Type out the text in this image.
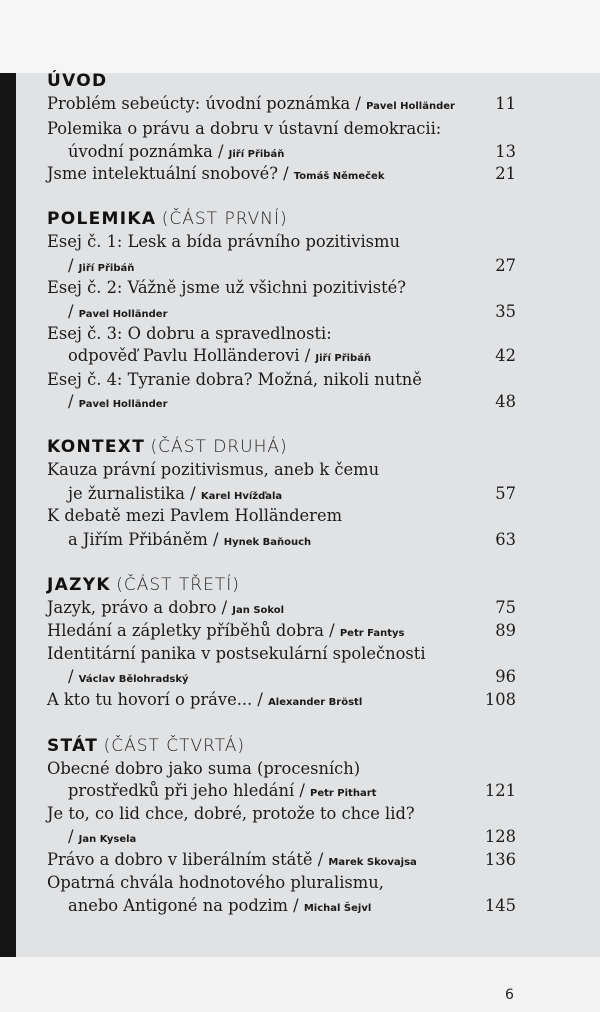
ÚVOD
Problém sebeúcty: úvodní poznámka / Pavel Holländer 11
Polemika o právu a dobru v ústavní demokracii:
úvodní poznámka / Jiří Přibáň	13
Jsme intelektuální snobové? / Tomáš Němeček	21
POLEMIKA (ČÁST PRVNÍ)
Esej č. 1: Lesk a bída právního pozitivismu
/ Jiří Přibáň	27
Esej č. 2: Vážně jsme už všichni pozitivisté?
/ Pavel Holländer	35
Esej č. 3: O dobru a spravedlnosti:
odpověď Pavlu Holländerovi / Jiří Přibáň	42
Esej č. 4: Tyranie dobra? Možná, nikoli nutně
/ Pavel Holländer	48
KONTEXT (ČÁST DRUHÁ)
Kauza právní pozitivismus, aneb k čemu
je žurnalistika / Karel Hvížďala	57
K debatě mezi Pavlem Holländerem
a Jiřím Přibáněm / Hynek Baňouch	63
JAZYK (ČÁST TŘETÍ)
Jazyk, právo a dobro / Jan Sokol	75
Hledání a zápletky příběhů dobra / Petr Fantys	89
Identitární panika v postsekulární společnosti
/ Václav Bělohradský	96
A kto tu hovorí o práve... / Alexander Bröstl	108
STÁT (ČÁST ČTVRTÁ)
Obecné dobro jako suma (procesních)
prostředků při jeho hledání / Petr Pithart	121
Je to, co lid chce, dobré, protože to chce lid?
/ Jan Kysela	128
Právo a dobro v liberálním státě / Marek Skovajsa	136
Opatrná chvála hodnotového pluralismu,
anebo Antigoné na podzim / Michal Šejvl	145
6
